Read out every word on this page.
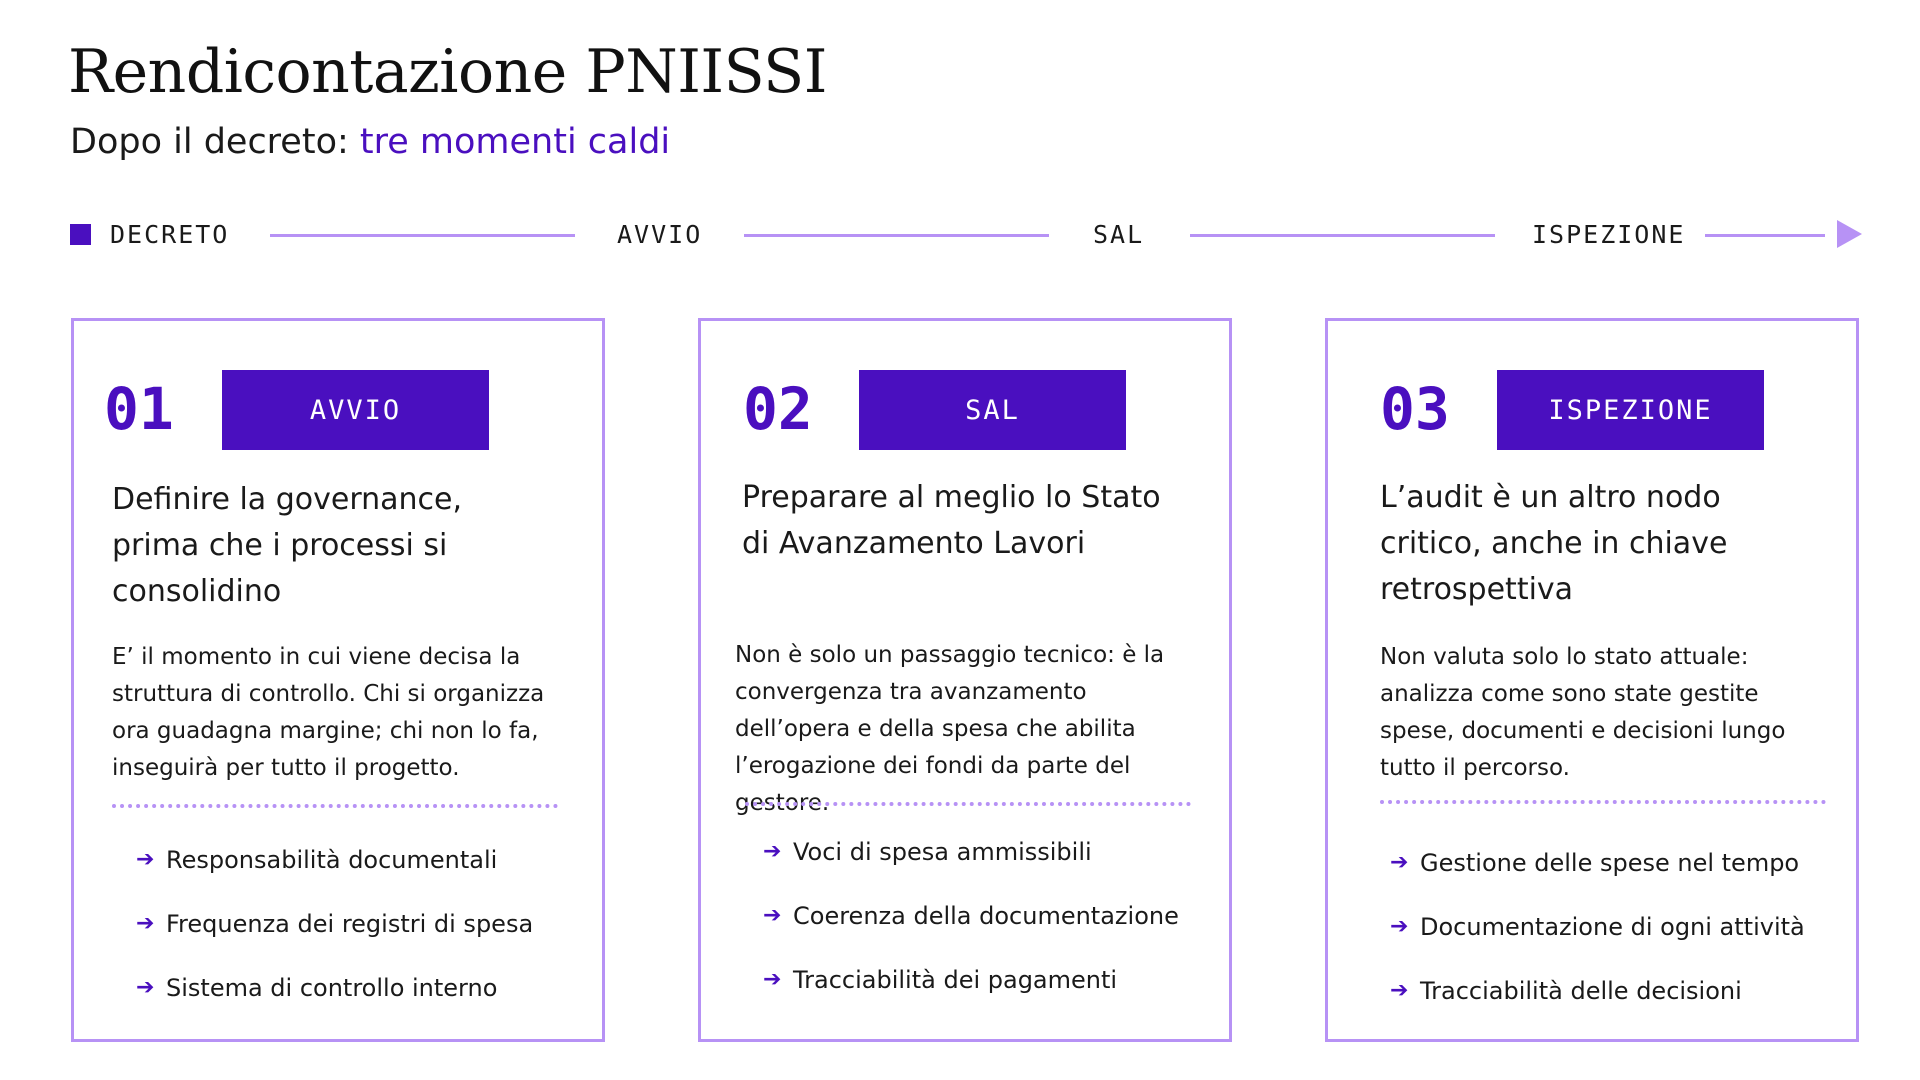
Rendicontazione PNIISSI
Dopo il decreto: tre momenti caldi
DECRETO	AVVIO	SAL	ISPEZIONE
01	AVVIO
Definire la governance, prima che i processi si consolidino
E’ il momento in cui viene decisa la struttura di controllo. Chi si organizza ora guadagna margine; chi non lo fa, inseguirà per tutto il progetto.
➔ Responsabilità documentali
➔ Frequenza dei registri di spesa
➔ Sistema di controllo interno
02	SAL
Preparare al meglio lo Stato di Avanzamento Lavori
Non è solo un passaggio tecnico: è la convergenza tra avanzamento dell’opera e della spesa che abilita l’erogazione dei fondi da parte del gestore.
➔ Voci di spesa ammissibili
➔ Coerenza della documentazione
➔ Tracciabilità dei pagamenti
03	ISPEZIONE
L’audit è un altro nodo critico, anche in chiave retrospettiva
Non valuta solo lo stato attuale: analizza come sono state gestite spese, documenti e decisioni lungo tutto il percorso.
➔ Gestione delle spese nel tempo
➔ Documentazione di ogni attività
➔ Tracciabilità delle decisioni
